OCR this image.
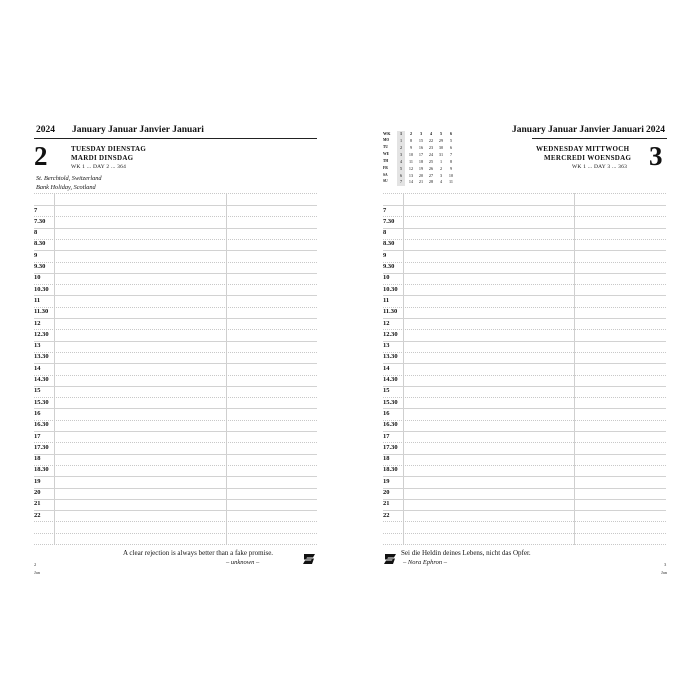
2024 January Januar Janvier Januari
2	TUESDAY DIENSTAG
MARDI DINSDAG
WK 1 ... DAY 2 ... 364
St. Berchtold, Switzerland
Bank Holiday, Scotland
7
7.30
8
8.30
9
9.30
10
10.30
11
11.30
12
12.30
13
13.30
14
14.30
15
15.30
16
16.30
17
17.30
18
18.30
19
20
21
22
A clear rejection is always better than a fake promise.
– unknown –
2
Jan
January Januar Janvier Januari 2024
WEDNESDAY MITTWOCH
MERCREDI WOENSDAG
WK 1 ... DAY 3 ... 363 3
7
7.30
8
8.30
9
9.30
10
10.30
11
11.30
12
12.30
13
13.30
14
14.30
15
15.30
16
16.30
17
17.30
18
18.30
19
20
21
22
Sei die Heldin deines Lebens, nicht das Opfer.
– Nora Ephron –	3
Jan
WK	1	2	3	4	5	6
MO	1	8	15	22	29	5
TU	2	9	16	23	30	6
WE	3	10	17	24	31	7
TH	4	11	18	25	1	8
FR	5	12	19	26	2	9
SA	6	13	20	27	3	10
SU	7	14	21	28	4	11
